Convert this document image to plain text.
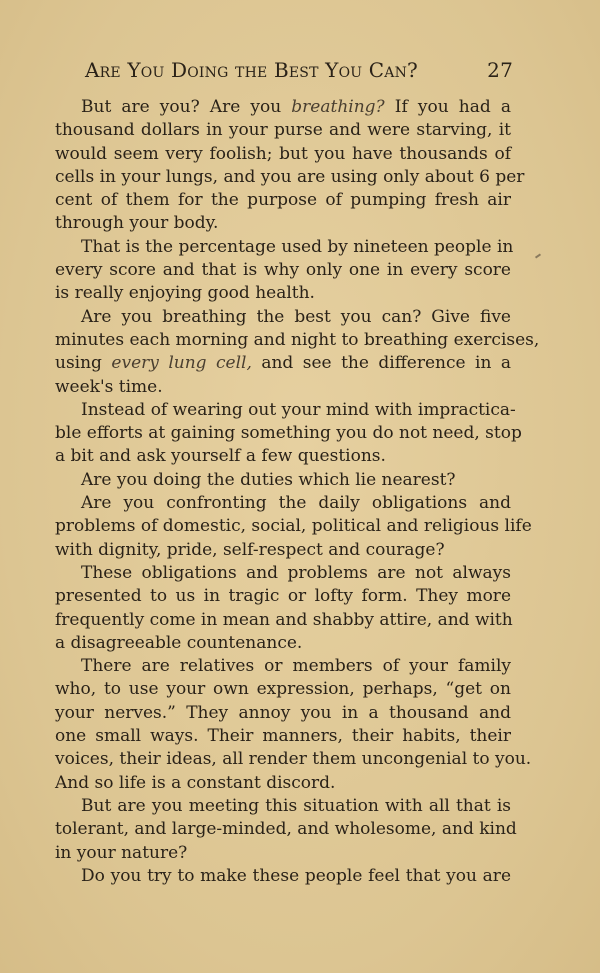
Are You Doing the Best You Can?	27
But are you? Are you breathing? If you had a
thousand dollars in your purse and were starving, it
would seem very foolish; but you have thousands of
cells in your lungs, and you are using only about 6 per
cent of them for the purpose of pumping fresh air
through your body.
That is the percentage used by nineteen people in
every score and that is why only one in every score
is really enjoying good health.
Are you breathing the best you can? Give five
minutes each morning and night to breathing exercises,
using every lung cell, and see the difference in a
week's time.
Instead of wearing out your mind with impractica-
ble efforts at gaining something you do not need, stop
a bit and ask yourself a few questions.
Are you doing the duties which lie nearest?
Are you confronting the daily obligations and
problems of domestic, social, political and religious life
with dignity, pride, self-respect and courage?
These obligations and problems are not always
presented to us in tragic or lofty form. They more
frequently come in mean and shabby attire, and with
a disagreeable countenance.
There are relatives or members of your family
who, to use your own expression, perhaps, “get on
your nerves.” They annoy you in a thousand and
one small ways. Their manners, their habits, their
voices, their ideas, all render them uncongenial to you.
And so life is a constant discord.
But are you meeting this situation with all that is
tolerant, and large-minded, and wholesome, and kind
in your nature?
Do you try to make these people feel that you are
